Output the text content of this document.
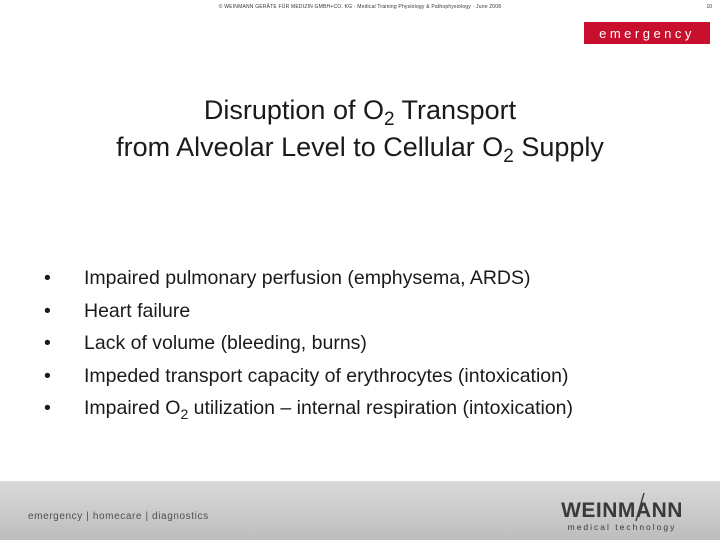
© WEINMANN GERÄTE FÜR MEDIZIN GMBH+CO. KG · Medical Training Physiology & Pathophysiology · June 2008	10
emergency
Disruption of $O_2$ Transport
from Alveolar Level to Cellular $O_2$ Supply
• Impaired pulmonary perfusion (emphysema, ARDS)
• Heart failure
• Lack of volume (bleeding, burns)
• Impeded transport capacity of erythrocytes (intoxication)
• Impaired $O_2$ utilization – internal respiration (intoxication)
emergency | homecare | diagnostics	WEINMANN
medical technology
